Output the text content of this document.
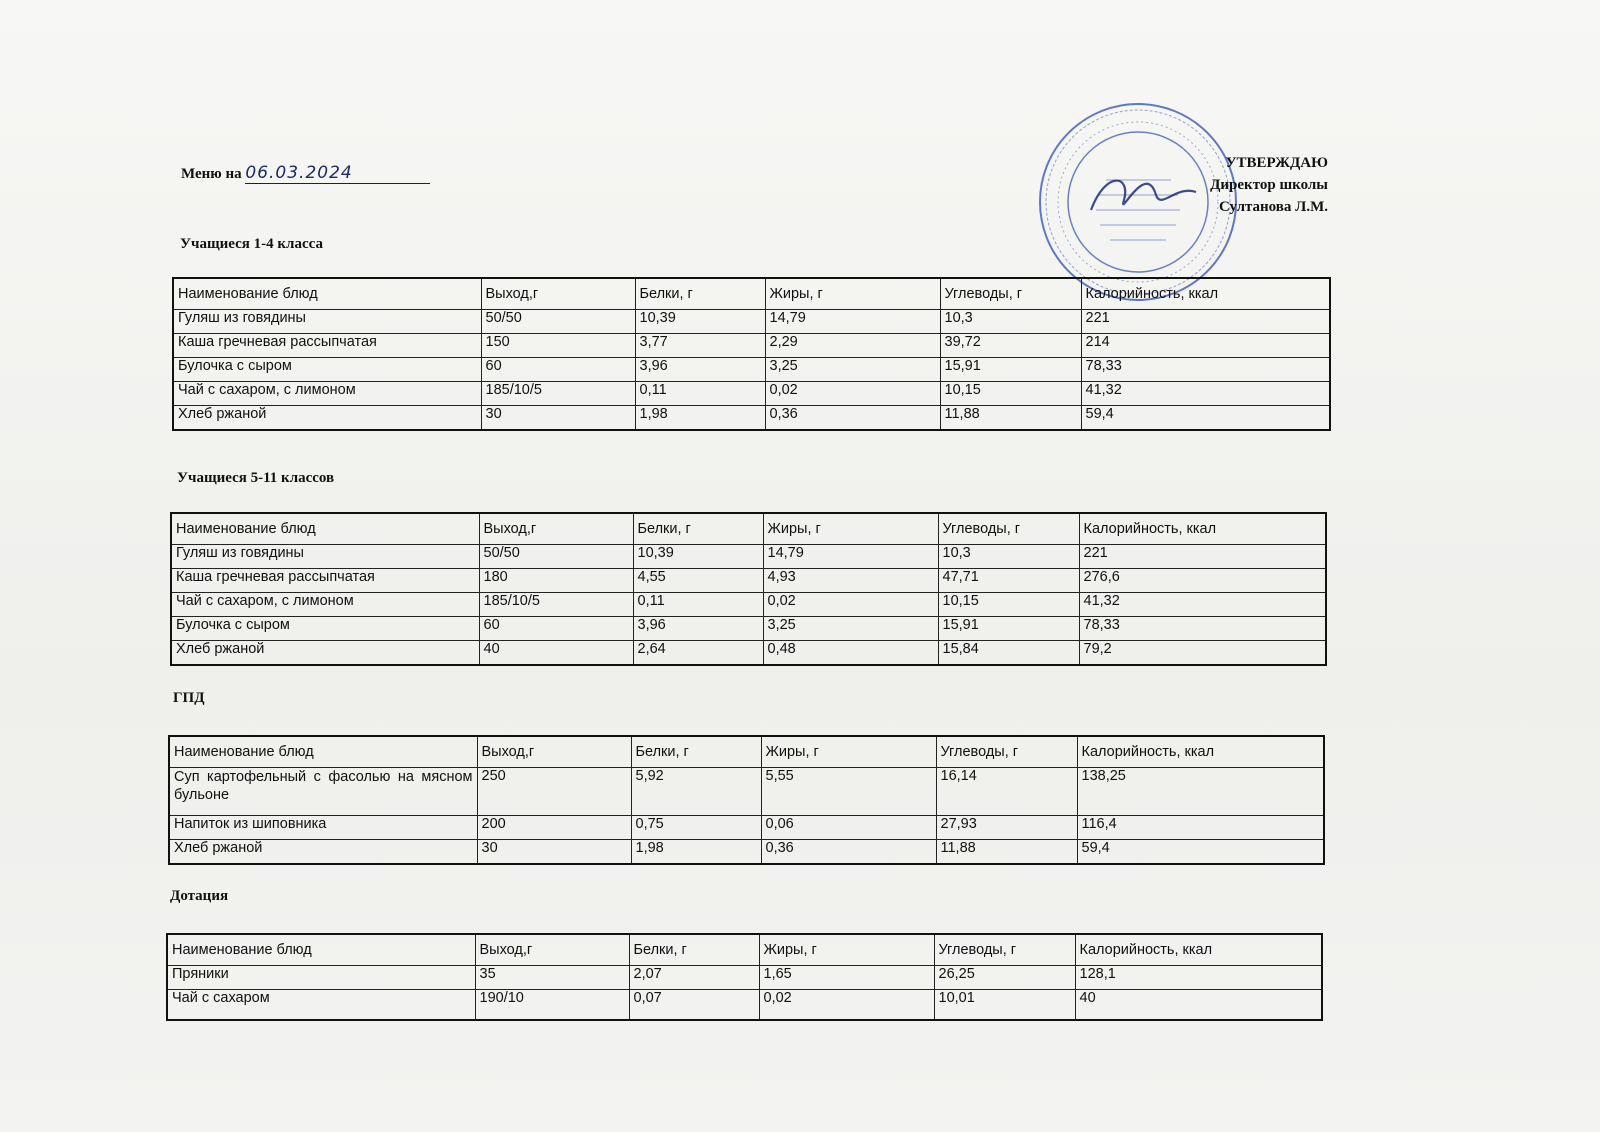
Меню на 06.03.2024	УТВЕРЖДАЮ
Директор школы
Султанова Л.М.
Учащиеся 1-4 класса
Наименование блюд	Выход,г	Белки, г	Жиры, г	Углеводы, г	Калорийность, ккал
Гуляш из говядины	50/50	10,39	14,79	10,3	221
Каша гречневая рассыпчатая	150	3,77	2,29	39,72	214
Булочка с сыром	60	3,96	3,25	15,91	78,33
Чай с сахаром, с лимоном	185/10/5	0,11	0,02	10,15	41,32
Хлеб ржаной	30	1,98	0,36	11,88	59,4
Учащиеся 5-11 классов
Наименование блюд	Выход,г	Белки, г	Жиры, г	Углеводы, г	Калорийность, ккал
Гуляш из говядины	50/50	10,39	14,79	10,3	221
Каша гречневая рассыпчатая	180	4,55	4,93	47,71	276,6
Чай с сахаром, с лимоном	185/10/5	0,11	0,02	10,15	41,32
Булочка с сыром	60	3,96	3,25	15,91	78,33
Хлеб ржаной	40	2,64	0,48	15,84	79,2
ГПД
Наименование блюд	Выход,г	Белки, г	Жиры, г	Углеводы, г	Калорийность, ккал
Суп картофельный с фасолью на мясном бульоне	250	5,92	5,55	16,14	138,25
Напиток из шиповника	200	0,75	0,06	27,93	116,4
Хлеб ржаной	30	1,98	0,36	11,88	59,4
Дотация
Наименование блюд	Выход,г	Белки, г	Жиры, г	Углеводы, г	Калорийность, ккал
Пряники	35	2,07	1,65	26,25	128,1
Чай с сахаром	190/10	0,07	0,02	10,01	40
